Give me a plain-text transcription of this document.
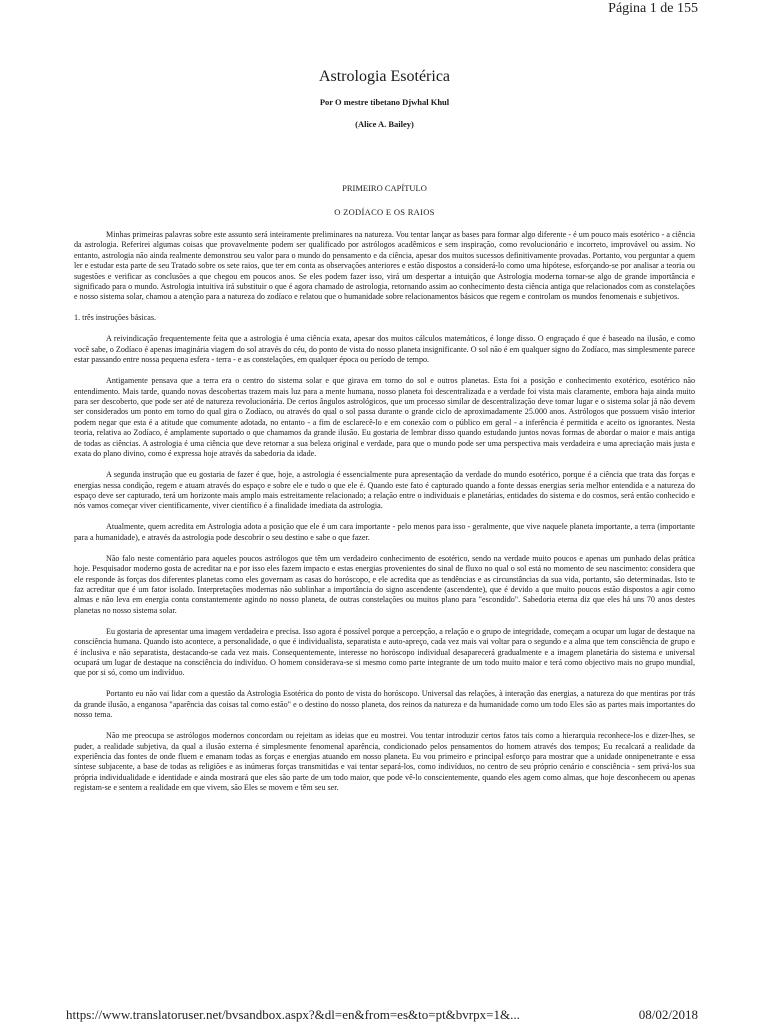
Página 1 de 155
Astrologia Esotérica
Por O mestre tibetano Djwhal Khul
(Alice A. Bailey)
PRIMEIRO CAPÍTULO
O ZODÍACO E OS RAIOS

Minhas primeiras palavras sobre este assunto será inteiramente preliminares na natureza. Vou tentar lançar as bases para formar algo diferente - é um pouco mais esotérico - a ciência da astrologia. Referirei algumas coisas que provavelmente podem ser qualificado por astrólogos acadêmicos e sem inspiração, como revolucionário e incorreto, improvável ou assim. No entanto, astrologia não ainda realmente demonstrou seu valor para o mundo do pensamento e da ciência, apesar dos muitos sucessos definitivamente provadas. Portanto, vou perguntar a quem ler e estudar esta parte de seu Tratado sobre os sete raios, que ter em conta as observações anteriores e estão dispostos a considerá-lo como uma hipótese, esforçando-se por analisar a teoria ou sugestões e verificar as conclusões a que chegou em poucos anos. Se eles podem fazer isso, virá um despertar a intuição que Astrologia moderna tornar-se algo de grande importância e significado para o mundo. Astrologia intuitiva irá substituir o que é agora chamado de astrologia, retornando assim ao conhecimento desta ciência antiga que relacionados com as constelações e nosso sistema solar, chamou a atenção para a natureza do zodíaco e relatou que o humanidade sobre relacionamentos básicos que regem e controlam os mundos fenomenais e subjetivos.

1. três instruções básicas.

A reivindicação frequentemente feita que a astrologia é uma ciência exata, apesar dos muitos cálculos matemáticos, é longe disso. O engraçado é que é baseado na ilusão, e como você sabe, o Zodíaco é apenas imaginária viagem do sol através do céu, do ponto de vista do nosso planeta insignificante. O sol não é em qualquer signo do Zodíaco, mas simplesmente parece estar passando entre nossa pequena esfera - terra - e as constelações, em qualquer época ou período de tempo.

Antigamente pensava que a terra era o centro do sistema solar e que girava em torno do sol e outros planetas. Esta foi a posição e conhecimento exotérico, esotérico não entendimento. Mais tarde, quando novas descobertas trazem mais luz para a mente humana, nosso planeta foi descentralizada e a verdade foi vista mais claramente, embora haja ainda muito para ser descoberto, que pode ser até de natureza revolucionária. De certos ângulos astrológicos, que um processo similar de descentralização deve tomar lugar e o sistema solar já não devem ser considerados um ponto em torno do qual gira o Zodíaco, ou através do qual o sol passa durante o grande ciclo de aproximadamente 25.000 anos. Astrólogos que possuem visão interior podem negar que esta é a atitude que comumente adotada, no entanto - a fim de esclarecê-lo e em conexão com o público em geral - a inferência é permitida e aceito os ignorantes. Nesta teoria, relativa ao Zodíaco, é amplamente suportado o que chamamos da grande ilusão. Eu gostaria de lembrar disso quando estudando juntos novas formas de abordar o maior e mais antiga de todas as ciências. A astrologia é uma ciência que deve retornar a sua beleza original e verdade, para que o mundo pode ser uma perspectiva mais verdadeira e uma apreciação mais justa e exata do plano divino, como é expressa hoje através da sabedoria da idade.

A segunda instrução que eu gostaria de fazer é que, hoje, a astrologia é essencialmente pura apresentação da verdade do mundo esotérico, porque é a ciência que trata das forças e energias nessa condição, regem e atuam através do espaço e sobre ele e tudo o que ele é. Quando este fato é capturado quando a fonte dessas energias seria melhor entendida e a natureza do espaço deve ser capturado, terá um horizonte mais amplo mais estreitamente relacionado; a relação entre o individuais e planetárias, entidades do sistema e do cosmos, será então conhecido e nós vamos começar viver cientificamente, viver científico é a finalidade imediata da astrologia.

Atualmente, quem acredita em Astrologia adota a posição que ele é um cara importante - pelo menos para isso - geralmente, que vive naquele planeta importante, a terra (importante para a humanidade), e através da astrologia pode descobrir o seu destino e sabe o que fazer.

Não falo neste comentário para aqueles poucos astrólogos que têm um verdadeiro conhecimento de esotérico, sendo na verdade muito poucos e apenas um punhado delas prática hoje. Pesquisador moderno gosta de acreditar na e por isso eles fazem impacto e estas energias provenientes do sinal de fluxo no qual o sol está no momento de seu nascimento: considera que ele responde às forças dos diferentes planetas como eles governam as casas do horóscopo, e ele acredita que as tendências e as circunstâncias da sua vida, portanto, são determinadas. Isto te faz acreditar que é um fator isolado. Interpretações modernas não sublinhar a importância do signo ascendente (ascendente), que é devido a que muito poucos estão dispostos a agir como almas e não leva em energia conta constantemente agindo no nosso planeta, de outras constelações ou muitos plano para "escondido". Sabedoria eterna diz que eles há uns 70 anos destes planetas no nosso sistema solar.

Eu gostaria de apresentar uma imagem verdadeira e precisa. Isso agora é possível porque a percepção, a relação e o grupo de integridade, começam a ocupar um lugar de destaque na consciência humana. Quando isto acontece, a personalidade, o que é individualista, separatista e auto-apreço, cada vez mais vai voltar para o segundo e a alma que tem consciência de grupo e é inclusiva e não separatista, destacando-se cada vez mais. Consequentemente, interesse no horóscopo individual desaparecerá gradualmente e a imagem planetária do sistema e universal ocupará um lugar de destaque na consciência do indivíduo. O homem considerava-se si mesmo como parte integrante de um todo muito maior e terá como objectivo mais no grupo mundial, que por si só, como um indivíduo.

Portanto eu não vai lidar com a questão da Astrologia Esotérica do ponto de vista do horóscopo. Universal das relações, à interação das energias, a natureza do que mentiras por trás da grande ilusão, a enganosa "aparência das coisas tal como estão" e o destino do nosso planeta, dos reinos da natureza e da humanidade como um todo Eles são as partes mais importantes do nosso tema.

Não me preocupa se astrólogos modernos concordam ou rejeitam as ideias que eu mostrei. Vou tentar introduzir certos fatos tais como a hierarquia reconhece-los e dizer-lhes, se puder, a realidade subjetiva, da qual a ilusão externa é simplesmente fenomenal aparência, condicionado pelos pensamentos do homem através dos tempos; Eu recalcará a realidade da experiência das fontes de onde fluem e emanam todas as forças e energias atuando em nosso planeta. Eu vou primeiro e principal esforço para mostrar que a unidade onnipenetrante e essa síntese subjacente, a base de todas as religiões e as inúmeras forças transmitidas e vai tentar separá-los, como indivíduos, no centro de seu próprio cenário e consciência - sem privá-los sua própria individualidade e identidade e ainda mostrará que eles são parte de um todo maior, que pode vê-lo conscientemente, quando eles agem como almas, que hoje desconhecem ou apenas registam-se e sentem a realidade em que vivem, são Eles se movem e têm seu ser.

https://www.translatoruser.net/bvsandbox.aspx?&dl=en&from=es&to=pt&bvrpx=1&...	08/02/2018
